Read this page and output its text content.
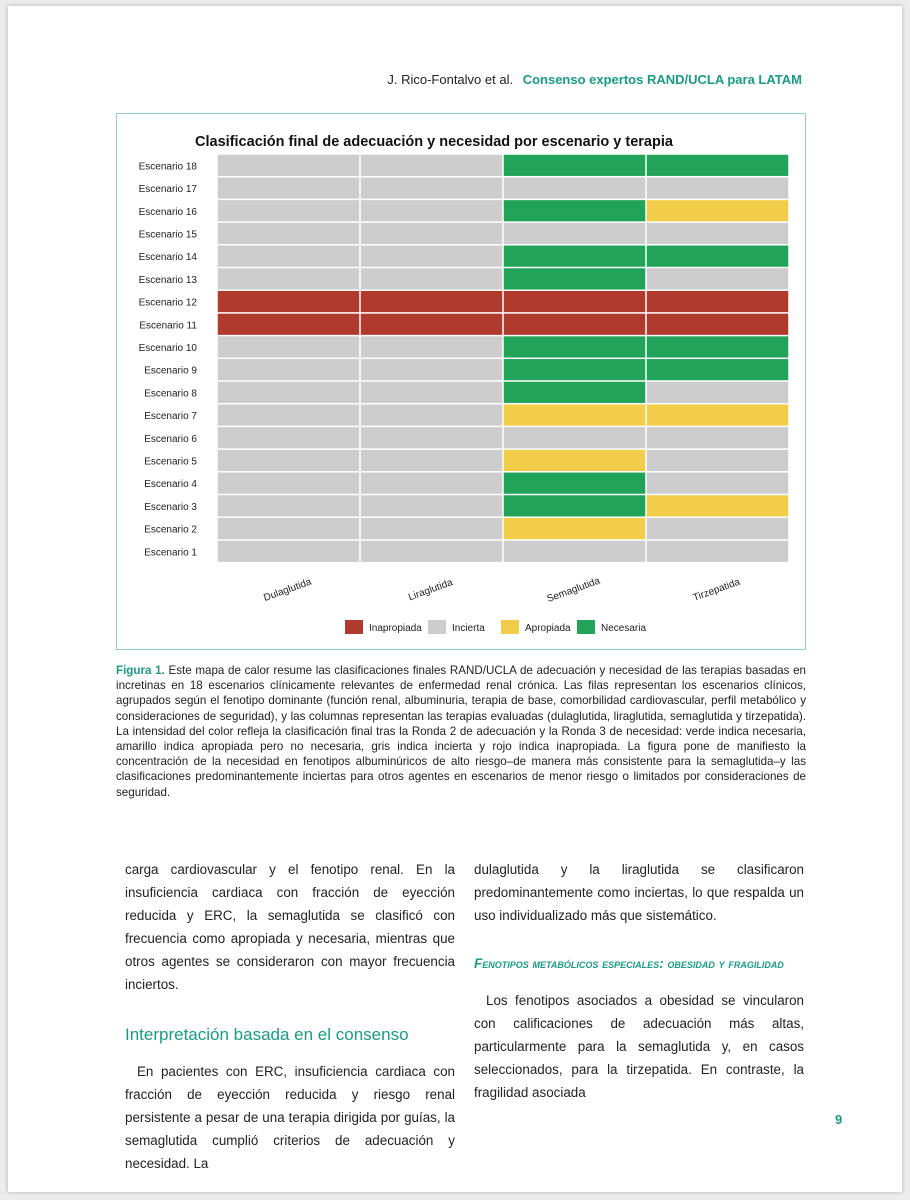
J. Rico-Fontalvo et al. Consenso expertos RAND/UCLA para LATAM
Clasificación final de adecuación y necesidad por escenario y terapia
Escenario 18
Escenario 17
Escenario 16
Escenario 15
Escenario 14
Escenario 13
Escenario 12
Escenario 11
Escenario 10
Escenario 9
Escenario 8
Escenario 7
Escenario 6
Escenario 5
Escenario 4
Escenario 3
Escenario 2
Escenario 1
Dulaglutida	Liraglutida	Semaglutida	Tirzepatida
Inapropiada	Incierta	Apropiada	Necesaria
Figura 1. Este mapa de calor resume las clasificaciones finales RAND/UCLA de adecuación y necesidad de las terapias basadas en incretinas en 18 escenarios clínicamente relevantes de enfermedad renal crónica. Las filas representan los escenarios clínicos, agrupados según el fenotipo dominante (función renal, albuminuria, terapia de base, comorbilidad cardiovascular, perfil metabólico y consideraciones de seguridad), y las columnas representan las terapias evaluadas (dulaglutida, liraglutida, semaglutida y tirzepatida). La intensidad del color refleja la clasificación final tras la Ronda 2 de adecuación y la Ronda 3 de necesidad: verde indica necesaria, amarillo indica apropiada pero no necesaria, gris indica incierta y rojo indica inapropiada. La figura pone de manifiesto la concentración de la necesidad en fenotipos albuminúricos de alto riesgo–de manera más consistente para la semaglutida–y las clasificaciones predominantemente inciertas para otros agentes en escenarios de menor riesgo o limitados por consideraciones de seguridad.

carga cardiovascular y el fenotipo renal. En la insuficiencia cardiaca con fracción de eyección reducida y ERC, la semaglutida se clasificó con frecuencia como apropiada y necesaria, mientras que otros agentes se consideraron con mayor frecuencia inciertos.

Interpretación basada en el consenso

En pacientes con ERC, insuficiencia cardiaca con fracción de eyección reducida y riesgo renal persistente a pesar de una terapia dirigida por guías, la semaglutida cumplió criterios de adecuación y necesidad. La

dulaglutida y la liraglutida se clasificaron predominantemente como inciertas, lo que respalda un uso individualizado más que sistemático.

Fenotipos metabólicos especiales: obesidad y fragilidad

Los fenotipos asociados a obesidad se vincularon con calificaciones de adecuación más altas, particularmente para la semaglutida y, en casos seleccionados, para la tirzepatida. En contraste, la fragilidad asociada

9
